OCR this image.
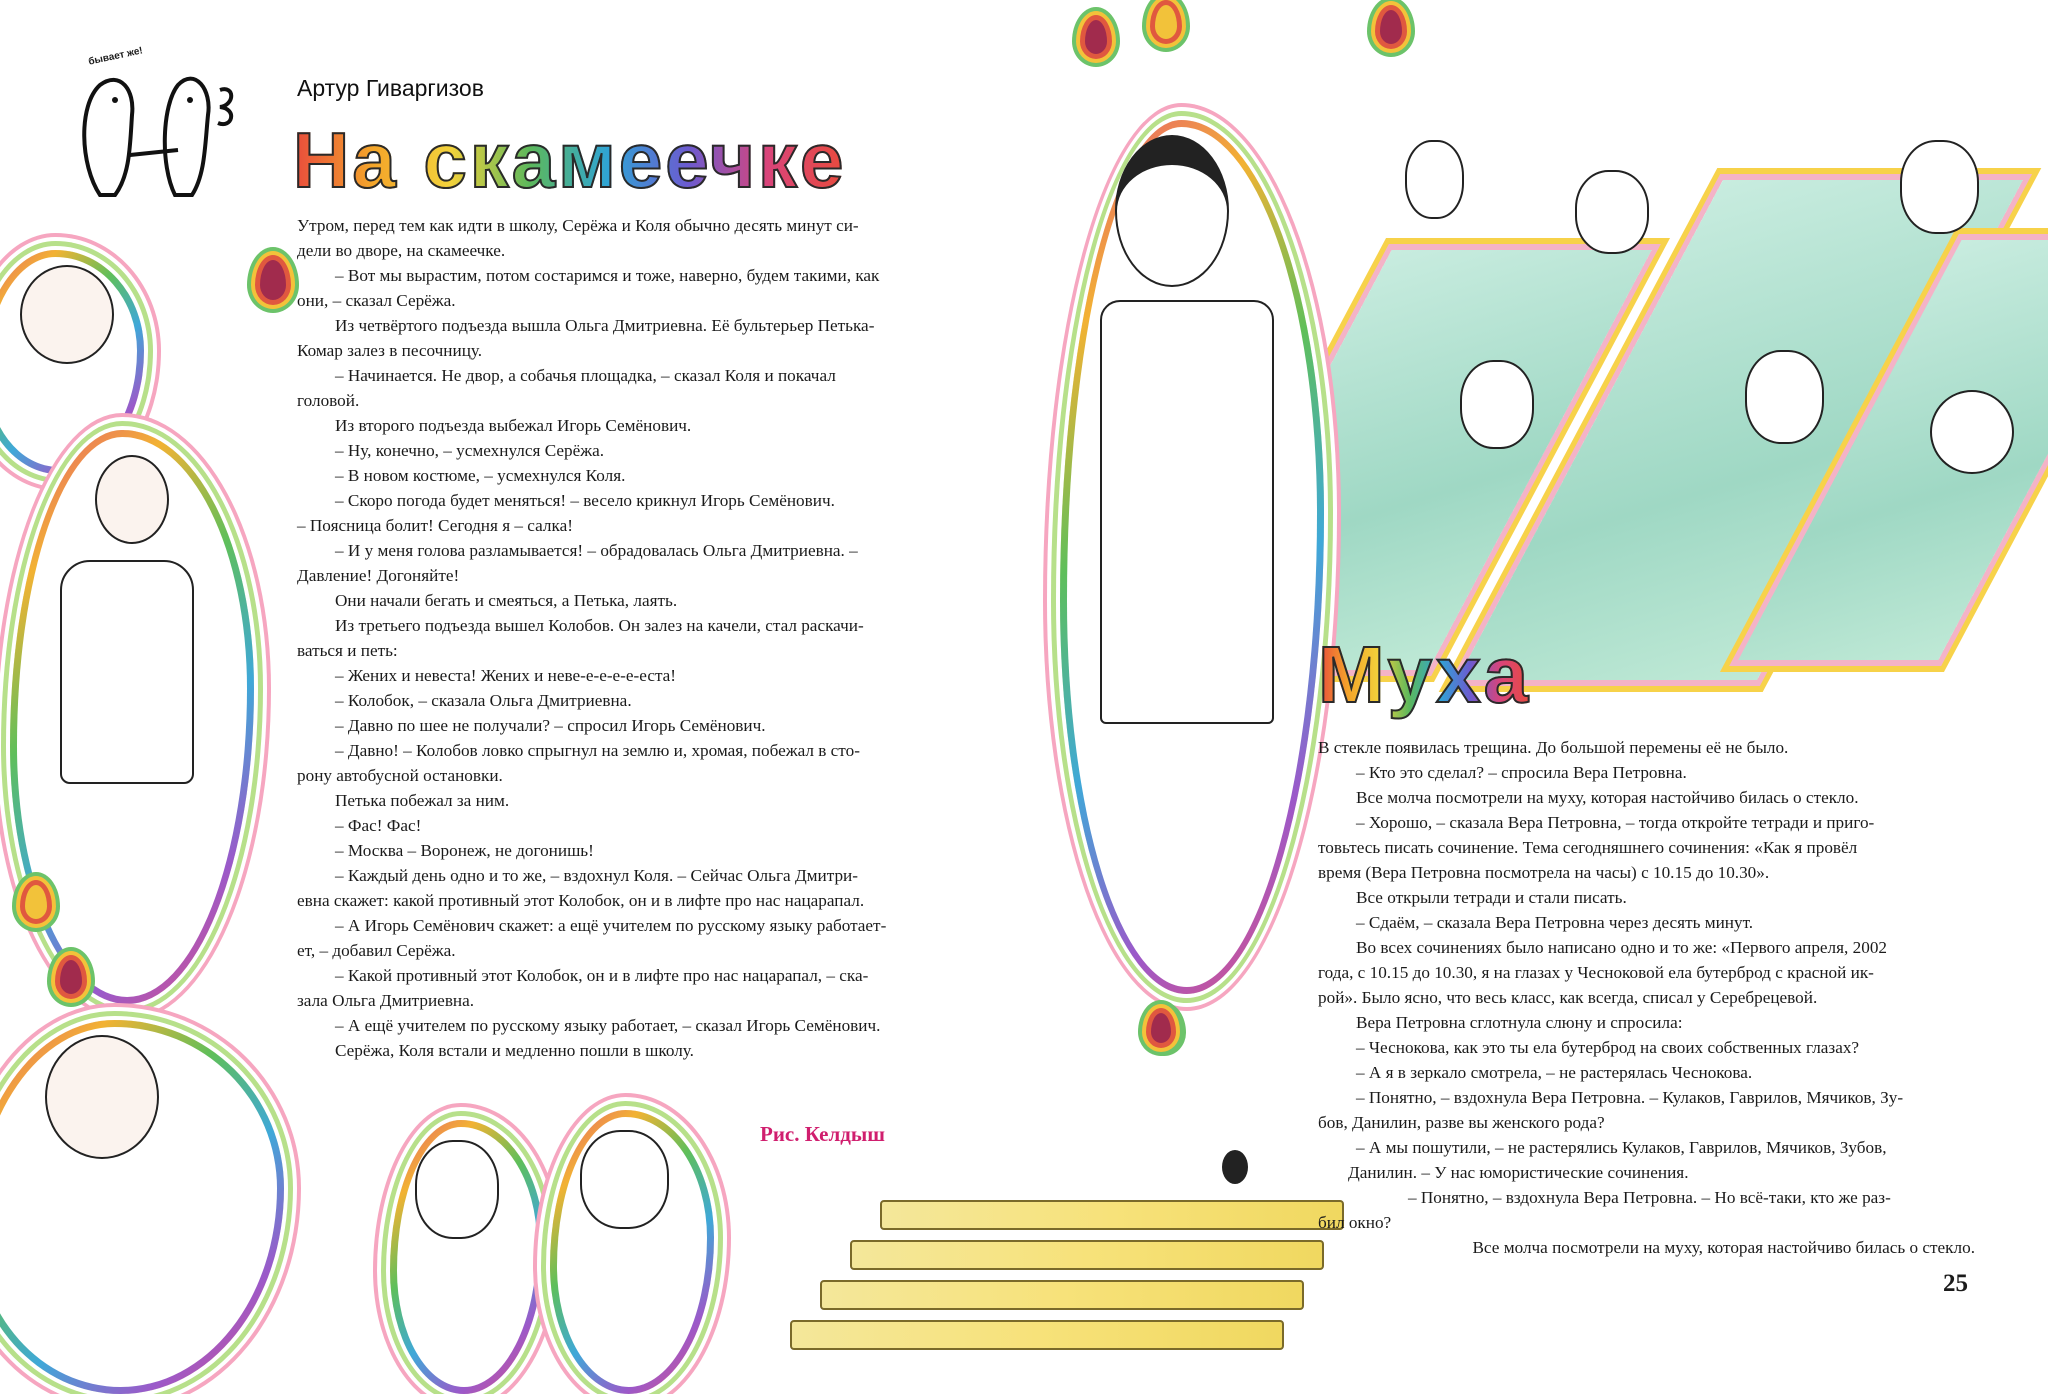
бывает же!
Артур Гиваргизов
На скамеечке

Утром, перед тем как идти в школу, Серёжа и Коля обычно десять минут си-

дели во дворе, на скамеечке.

– Вот мы вырастим, потом состаримся и тоже, наверно, будем такими, как

они, – сказал Серёжа.

Из четвёртого подъезда вышла Ольга Дмитриевна. Её бультерьер Петька-

Комар залез в песочницу.

– Начинается. Не двор, а собачья площадка, – сказал Коля и покачал

головой.

Из второго подъезда выбежал Игорь Семёнович.

– Ну, конечно, – усмехнулся Серёжа.

– В новом костюме, – усмехнулся Коля.

– Скоро погода будет меняться! – весело крикнул Игорь Семёнович.

– Поясница болит! Сегодня я – салка!

– И у меня голова разламывается! – обрадовалась Ольга Дмитриевна. –

Давление! Догоняйте!

Они начали бегать и смеяться, а Петька, лаять.

Из третьего подъезда вышел Колобов. Он залез на качели, стал раскачи-

ваться и петь:

– Жених и невеста! Жених и неве-е-е-е-е-еста!

– Колобок, – сказала Ольга Дмитриевна.

– Давно по шее не получали? – спросил Игорь Семёнович.

– Давно! – Колобов ловко спрыгнул на землю и, хромая, побежал в сто-

рону автобусной остановки.

Петька побежал за ним.

– Фас! Фас!

– Москва – Воронеж, не догонишь!

– Каждый день одно и то же, – вздохнул Коля. – Сейчас Ольга Дмитри-

евна скажет: какой противный этот Колобок, он и в лифте про нас нацарапал.

– А Игорь Семёнович скажет: а ещё учителем по русскому языку работает-

ет, – добавил Серёжа.

– Какой противный этот Колобок, он и в лифте про нас нацарапал, – ска-

зала Ольга Дмитриевна.

– А ещё учителем по русскому языку работает, – сказал Игорь Семёнович.

Серёжа, Коля встали и медленно пошли в школу.

Рис. Келдыш
Муха

В стекле появилась трещина. До большой перемены её не было.

– Кто это сделал? – спросила Вера Петровна.

Все молча посмотрели на муху, которая настойчиво билась о стекло.

– Хорошо, – сказала Вера Петровна, – тогда откройте тетради и приго-

товьтесь писать сочинение. Тема сегодняшнего сочинения: «Как я провёл

время (Вера Петровна посмотрела на часы) с 10.15 до 10.30».

Все открыли тетради и стали писать.

– Сдаём, – сказала Вера Петровна через десять минут.

Во всех сочинениях было написано одно и то же: «Первого апреля, 2002

года, с 10.15 до 10.30, я на глазах у Чесноковой ела бутерброд с красной ик-

рой». Было ясно, что весь класс, как всегда, списал у Серебрецевой.

Вера Петровна сглотнула слюну и спросила:

– Чеснокова, как это ты ела бутерброд на своих собственных глазах?

– А я в зеркало смотрела, – не растерялась Чеснокова.

– Понятно, – вздохнула Вера Петровна. – Кулаков, Гаврилов, Мячиков, Зу-

бов, Данилин, разве вы женского рода?

– А мы пошутили, – не растерялись Кулаков, Гаврилов, Мячиков, Зубов,

Данилин. – У нас юмористические сочинения.

– Понятно, – вздохнула Вера Петровна. – Но всё-таки, кто же раз-

бил окно?

Все молча посмотрели на муху, которая настойчиво билась о стекло.

25
